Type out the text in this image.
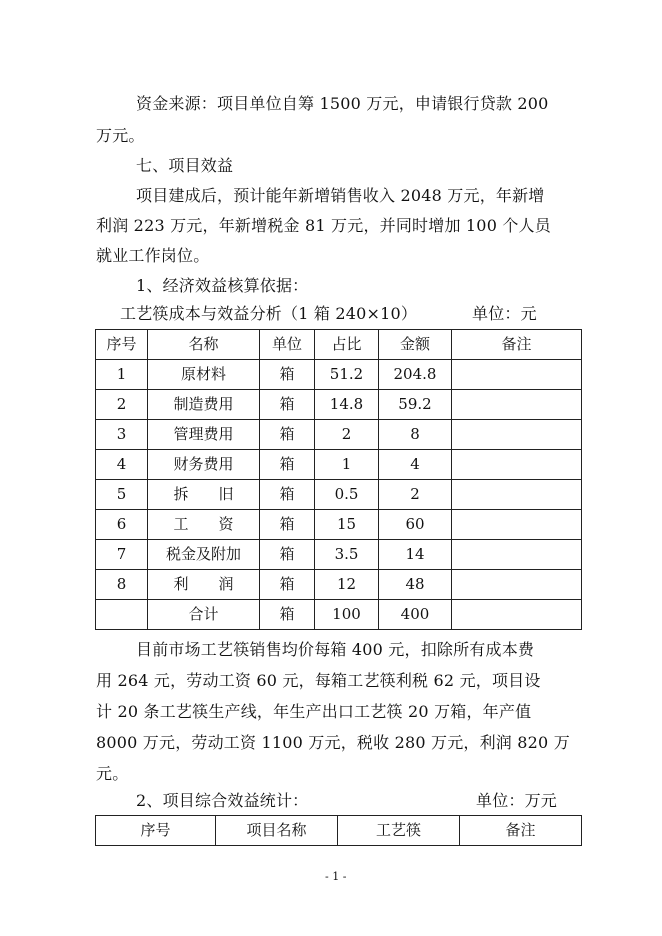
资金来源：项目单位自筹 1500 万元，申请银行贷款 200
万元。
七、项目效益
项目建成后，预计能年新增销售收入 2048 万元，年新增
利润 223 万元，年新增税金 81 万元，并同时增加 100 个人员
就业工作岗位。
1、经济效益核算依据：
工艺筷成本与效益分析（1 箱 240×10）	单位：元
序号	名称	单位	占比	金额	备注
1	原材料	箱	51.2	204.8	
2	制造费用	箱	14.8	59.2	
3	管理费用	箱	2	8	
4	财务费用	箱	1	4	
5	拆　　旧	箱	0.5	2	
6	工　　资	箱	15	60	
7	税金及附加	箱	3.5	14	
8	利　　润	箱	12	48	
	合计	箱	100	400	
目前市场工艺筷销售均价每箱 400 元，扣除所有成本费
用 264 元，劳动工资 60 元，每箱工艺筷利税 62 元，项目设
计 20 条工艺筷生产线，年生产出口工艺筷 20 万箱，年产值
8000 万元，劳动工资 1100 万元，税收 280 万元，利润 820 万
元。
2、项目综合效益统计：	单位：万元
序号	项目名称	工艺筷	备注
- 1 -
